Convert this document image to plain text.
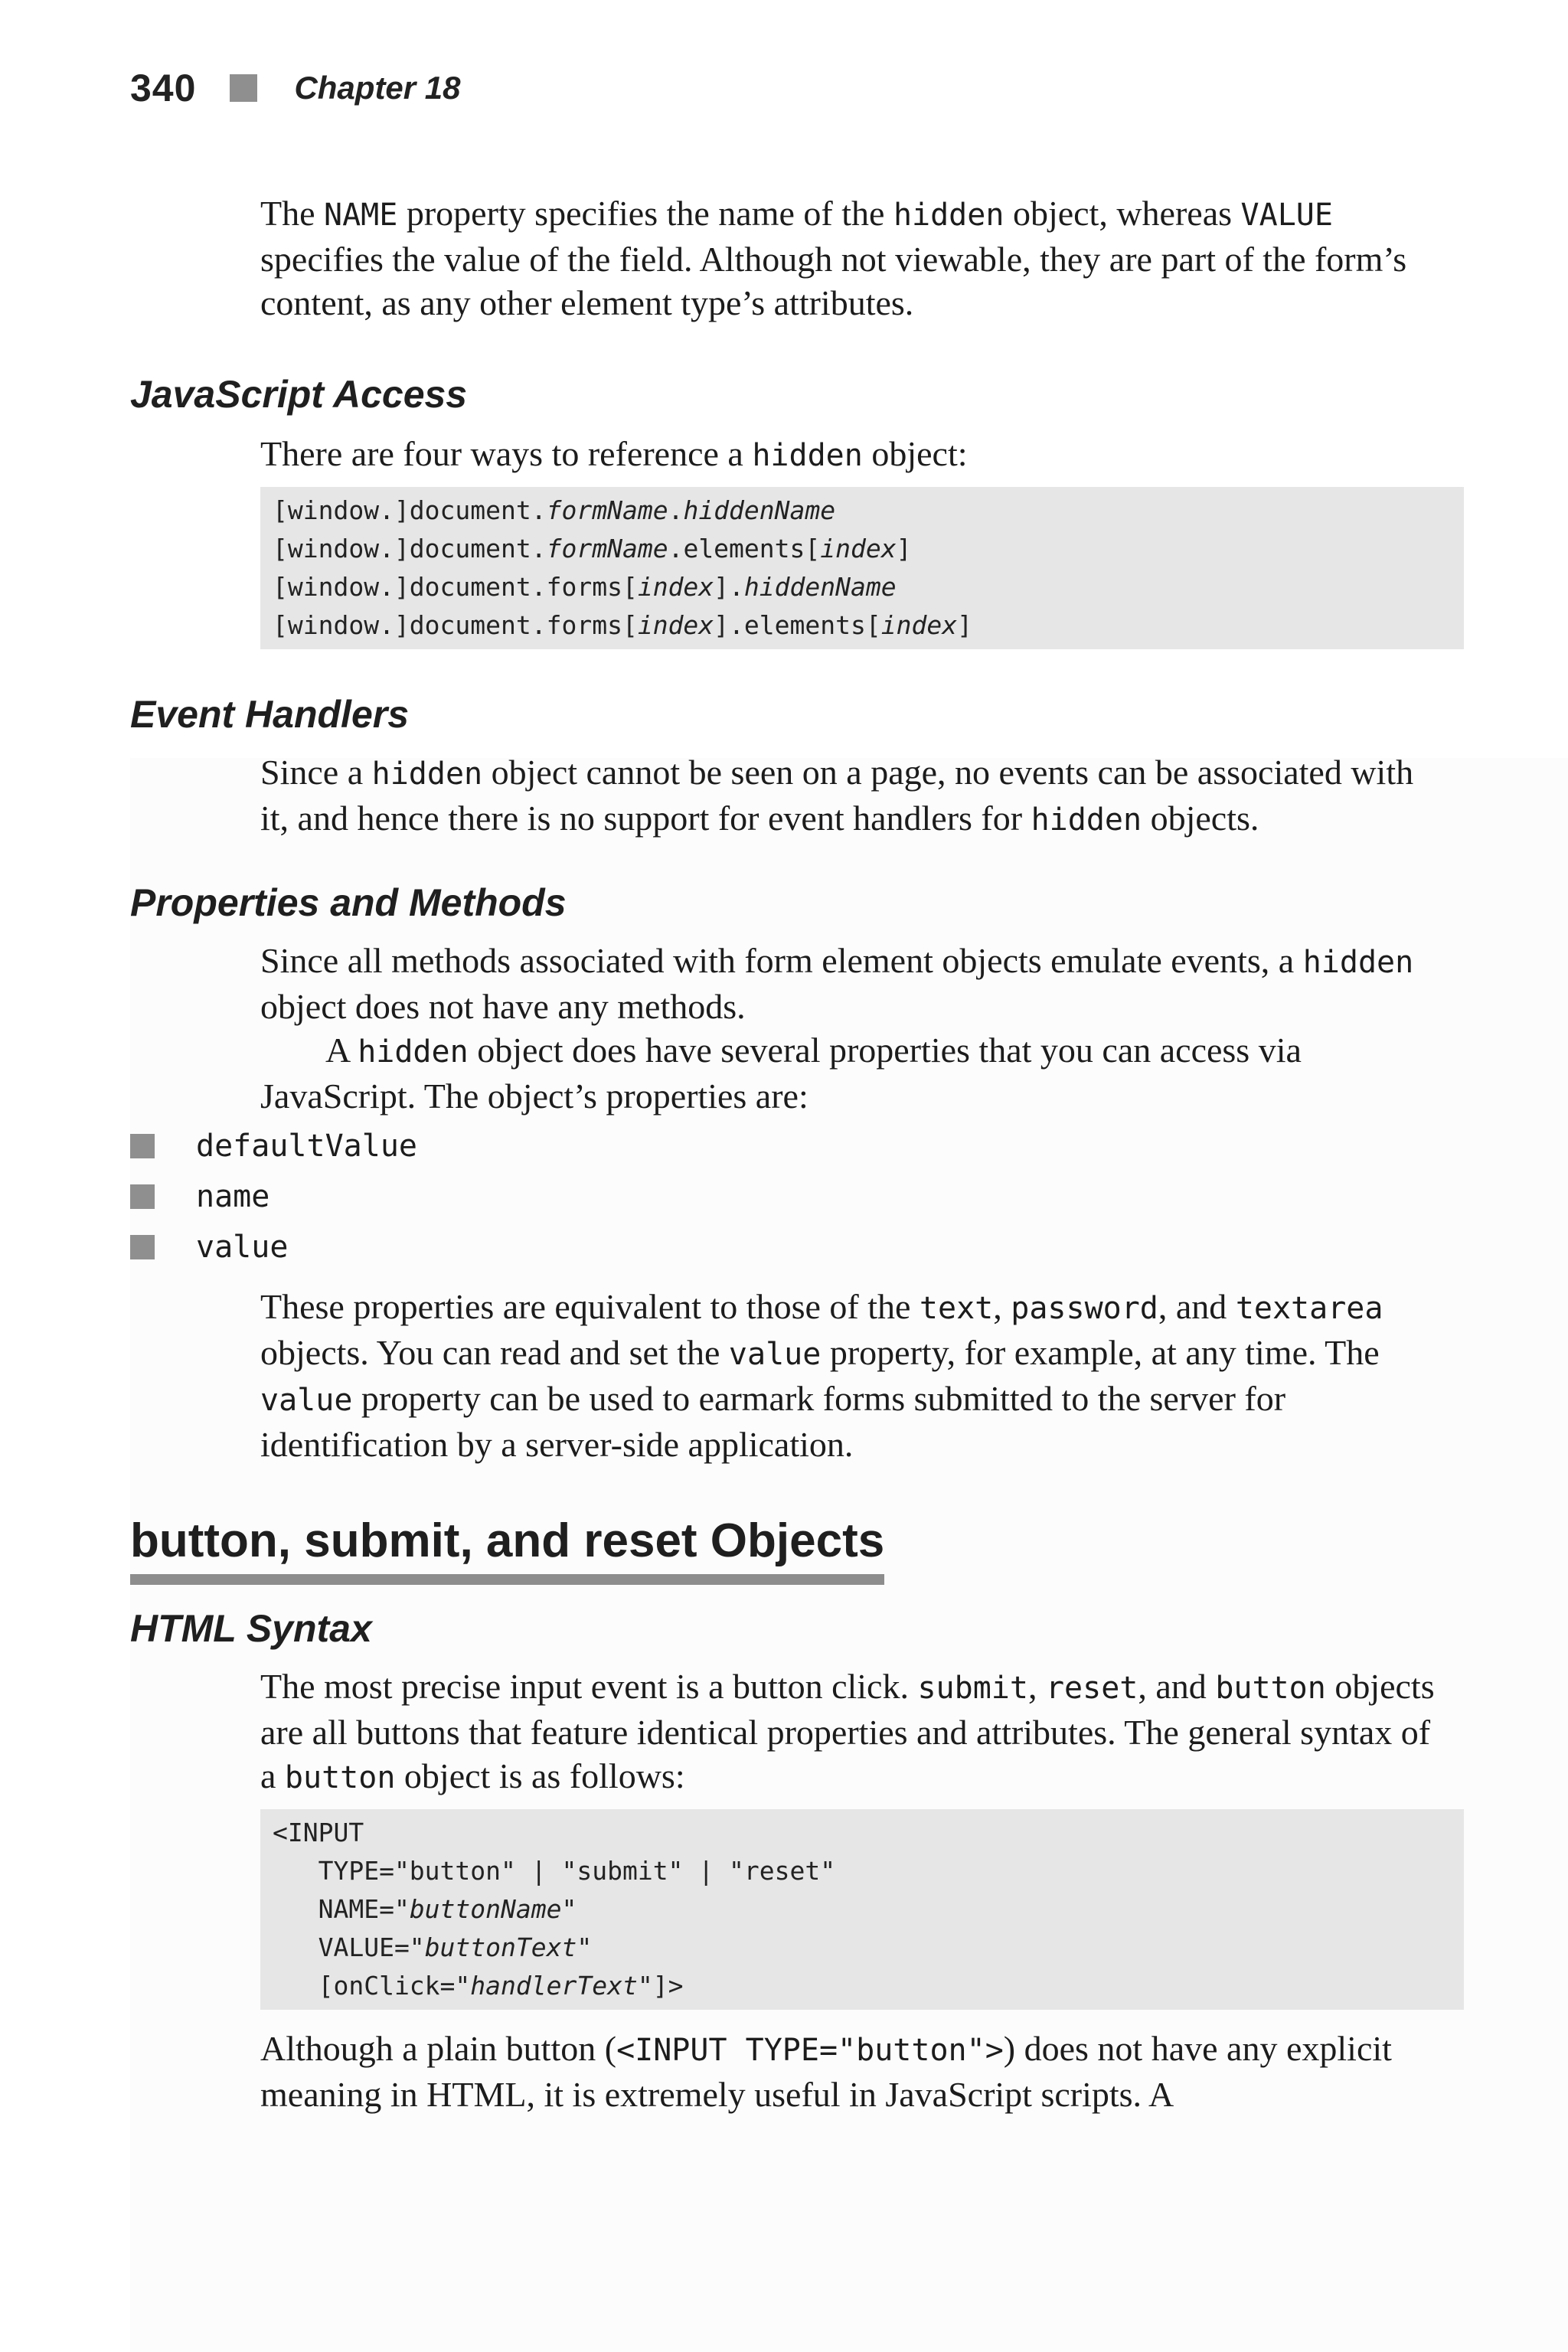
340	Chapter 18

The NAME property specifies the name of the hidden object, whereas VALUE specifies the value of the field. Although not viewable, they are part of the form’s content, as any other element type’s attributes.

JavaScript Access

There are four ways to reference a hidden object:

[window.]document.formName.hiddenName
[window.]document.formName.elements[index]
[window.]document.forms[index].hiddenName
[window.]document.forms[index].elements[index]
Event Handlers

Since a hidden object cannot be seen on a page, no events can be associated with it, and hence there is no support for event handlers for hidden objects.

Properties and Methods

Since all methods associated with form element objects emulate events, a hidden object does not have any methods.

A hidden object does have several properties that you can access via JavaScript. The object’s properties are:

defaultValue
name
value

These properties are equivalent to those of the text, password, and textarea objects. You can read and set the value property, for example, at any time. The value property can be used to earmark forms submitted to the server for identification by a server-side application.

button, submit, and reset Objects
HTML Syntax

The most precise input event is a button click. submit, reset, and button objects are all buttons that feature identical properties and attributes. The general syntax of a button object is as follows:

<INPUT
TYPE="button" | "submit" | "reset"
NAME="buttonName"
VALUE="buttonText"
[onClick="handlerText"]>

Although a plain button (<INPUT TYPE="button">) does not have any explicit meaning in HTML, it is extremely useful in JavaScript scripts. A
